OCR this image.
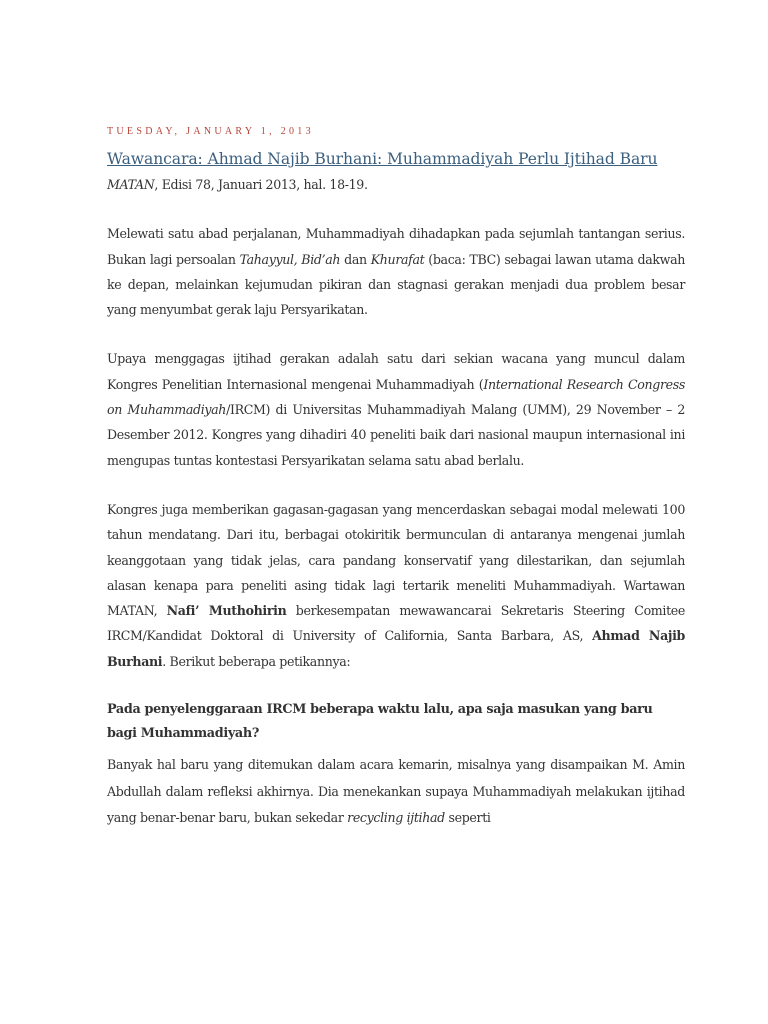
TUESDAY, JANUARY 1, 2013
Wawancara: Ahmad Najib Burhani: Muhammadiyah Perlu Ijtihad Baru

MATAN, Edisi 78, Januari 2013, hal. 18-19.

Melewati satu abad perjalanan, Muhammadiyah dihadapkan pada sejumlah tantangan serius. Bukan lagi persoalan Tahayyul, Bid’ah dan Khurafat (baca: TBC) sebagai lawan utama dakwah ke depan, melainkan kejumudan pikiran dan stagnasi gerakan menjadi dua problem besar yang menyumbat gerak laju Persyarikatan.

Upaya menggagas ijtihad gerakan adalah satu dari sekian wacana yang muncul dalam Kongres Penelitian Internasional mengenai Muhammadiyah (International Research Congress on Muhammadiyah/IRCM) di Universitas Muhammadiyah Malang (UMM), 29 November – 2 Desember 2012. Kongres yang dihadiri 40 peneliti baik dari nasional maupun internasional ini mengupas tuntas kontestasi Persyarikatan selama satu abad berlalu.

Kongres juga memberikan gagasan-gagasan yang mencerdaskan sebagai modal melewati 100 tahun mendatang. Dari itu, berbagai otokiritik bermunculan di antaranya mengenai jumlah keanggotaan yang tidak jelas, cara pandang konservatif yang dilestarikan, dan sejumlah alasan kenapa para peneliti asing tidak lagi tertarik meneliti Muhammadiyah. Wartawan MATAN, Nafi’ Muthohirin berkesempatan mewawancarai Sekretaris Steering Comitee IRCM/Kandidat Doktoral di University of California, Santa Barbara, AS, Ahmad Najib Burhani. Berikut beberapa petikannya:

Pada penyelenggaraan IRCM beberapa waktu lalu, apa saja masukan yang baru bagi Muhammadiyah?

Banyak hal baru yang ditemukan dalam acara kemarin, misalnya yang disampaikan M. Amin Abdullah dalam refleksi akhirnya. Dia menekankan supaya Muhammadiyah melakukan ijtihad yang benar-benar baru, bukan sekedar recycling ijtihad seperti
